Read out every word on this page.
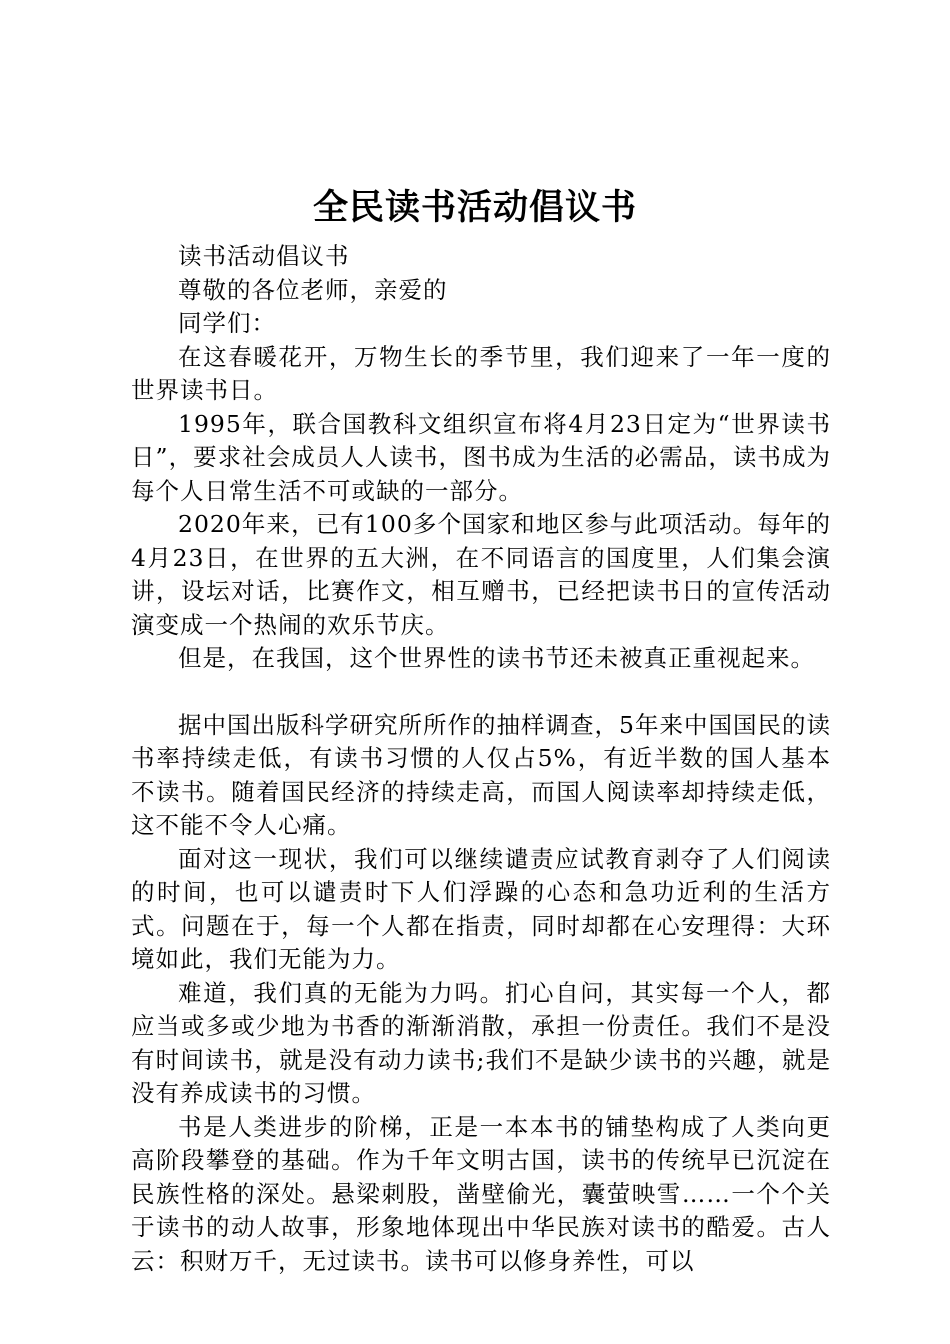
全民读书活动倡议书

读书活动倡议书

尊敬的各位老师，亲爱的

同学们：

在这春暖花开，万物生长的季节里，我们迎来了一年一度的世界读书日。

1995年，联合国教科文组织宣布将4月23日定为“世界读书日”，要求社会成员人人读书，图书成为生活的必需品，读书成为每个人日常生活不可或缺的一部分。

2020年来，已有100多个国家和地区参与此项活动。每年的4月23日，在世界的五大洲，在不同语言的国度里，人们集会演讲，设坛对话，比赛作文，相互赠书，已经把读书日的宣传活动演变成一个热闹的欢乐节庆。

但是，在我国，这个世界性的读书节还未被真正重视起来。

据中国出版科学研究所所作的抽样调查，5年来中国国民的读书率持续走低，有读书习惯的人仅占5%，有近半数的国人基本不读书。随着国民经济的持续走高，而国人阅读率却持续走低，这不能不令人心痛。

面对这一现状，我们可以继续谴责应试教育剥夺了人们阅读的时间，也可以谴责时下人们浮躁的心态和急功近利的生活方式。问题在于，每一个人都在指责，同时却都在心安理得：大环境如此，我们无能为力。

难道，我们真的无能为力吗。扪心自问，其实每一个人，都应当或多或少地为书香的渐渐消散，承担一份责任。我们不是没有时间读书，就是没有动力读书;我们不是缺少读书的兴趣，就是没有养成读书的习惯。

书是人类进步的阶梯，正是一本本书的铺垫构成了人类向更高阶段攀登的基础。作为千年文明古国，读书的传统早已沉淀在民族性格的深处。悬梁刺股，凿壁偷光，囊萤映雪……一个个关于读书的动人故事，形象地体现出中华民族对读书的酷爱。古人云：积财万千，无过读书。读书可以修身养性，可以
